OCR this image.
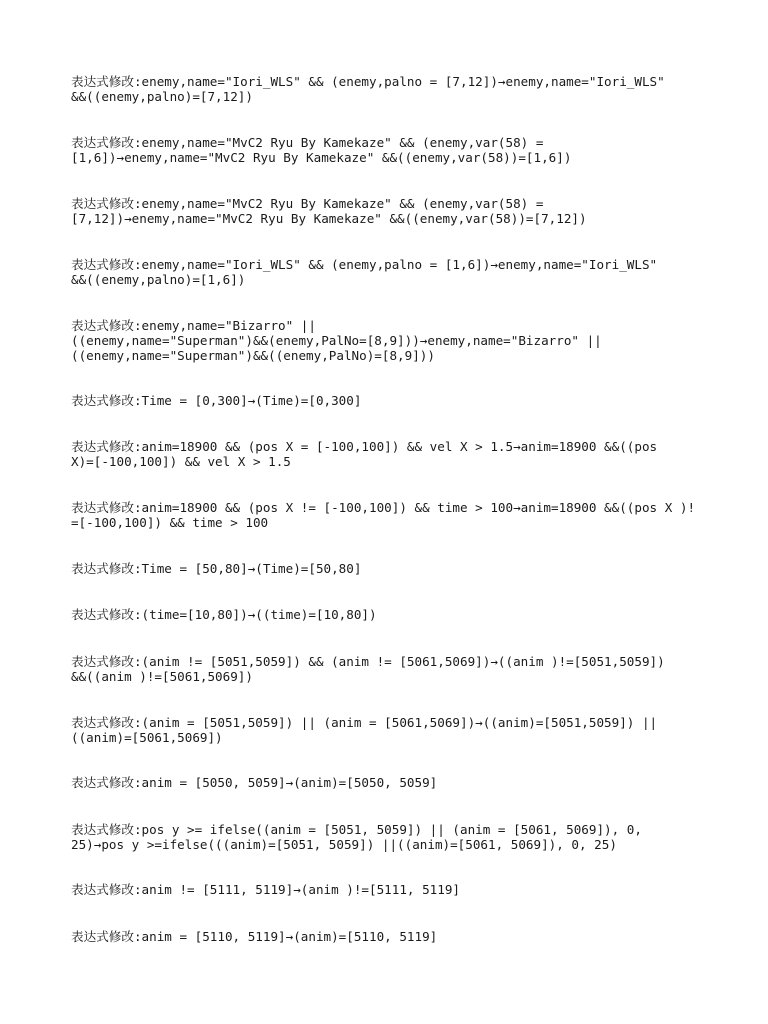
表达式修改:enemy,name="Iori_WLS" && (enemy,palno = [7,12])→enemy,name="Iori_WLS"
&&((enemy,palno)=[7,12])

表达式修改:enemy,name="MvC2 Ryu By Kamekaze" && (enemy,var(58) =
[1,6])→enemy,name="MvC2 Ryu By Kamekaze" &&((enemy,var(58))=[1,6])

表达式修改:enemy,name="MvC2 Ryu By Kamekaze" && (enemy,var(58) =
[7,12])→enemy,name="MvC2 Ryu By Kamekaze" &&((enemy,var(58))=[7,12])

表达式修改:enemy,name="Iori_WLS" && (enemy,palno = [1,6])→enemy,name="Iori_WLS"
&&((enemy,palno)=[1,6])

表达式修改:enemy,name="Bizarro" ||
((enemy,name="Superman")&&(enemy,PalNo=[8,9]))→enemy,name="Bizarro" ||
((enemy,name="Superman")&&((enemy,PalNo)=[8,9]))

表达式修改:Time = [0,300]→(Time)=[0,300]

表达式修改:anim=18900 && (pos X = [-100,100]) && vel X > 1.5→anim=18900 &&((pos
X)=[-100,100]) && vel X > 1.5

表达式修改:anim=18900 && (pos X != [-100,100]) && time > 100→anim=18900 &&((pos X )!
=[-100,100]) && time > 100

表达式修改:Time = [50,80]→(Time)=[50,80]

表达式修改:(time=[10,80])→((time)=[10,80])

表达式修改:(anim != [5051,5059]) && (anim != [5061,5069])→((anim )!=[5051,5059])
&&((anim )!=[5061,5069])

表达式修改:(anim = [5051,5059]) || (anim = [5061,5069])→((anim)=[5051,5059]) ||
((anim)=[5061,5069])

表达式修改:anim = [5050, 5059]→(anim)=[5050, 5059]

表达式修改:pos y >= ifelse((anim = [5051, 5059]) || (anim = [5061, 5069]), 0,
25)→pos y >=ifelse(((anim)=[5051, 5059]) ||((anim)=[5061, 5069]), 0, 25)

表达式修改:anim != [5111, 5119]→(anim )!=[5111, 5119]

表达式修改:anim = [5110, 5119]→(anim)=[5110, 5119]
